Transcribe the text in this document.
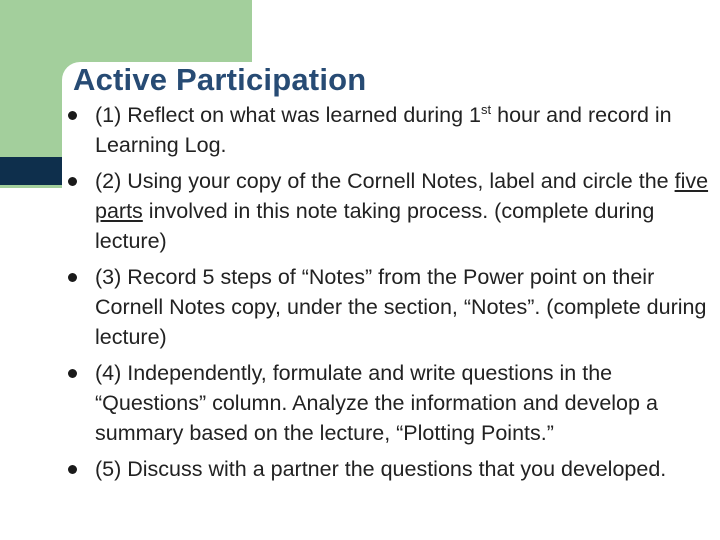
Active Participation
(1) Reflect on what was learned during 1st hour and record in Learning Log.
(2) Using your copy of the Cornell Notes, label and circle the five parts involved in this note taking process. (complete during lecture)
(3) Record 5 steps of “Notes” from the Power point on their Cornell Notes copy, under the section, “Notes”. (complete during lecture)
(4) Independently, formulate and write questions in the “Questions” column. Analyze the information and develop a summary based on the lecture, “Plotting Points.”
(5) Discuss with a partner the questions that you developed.
